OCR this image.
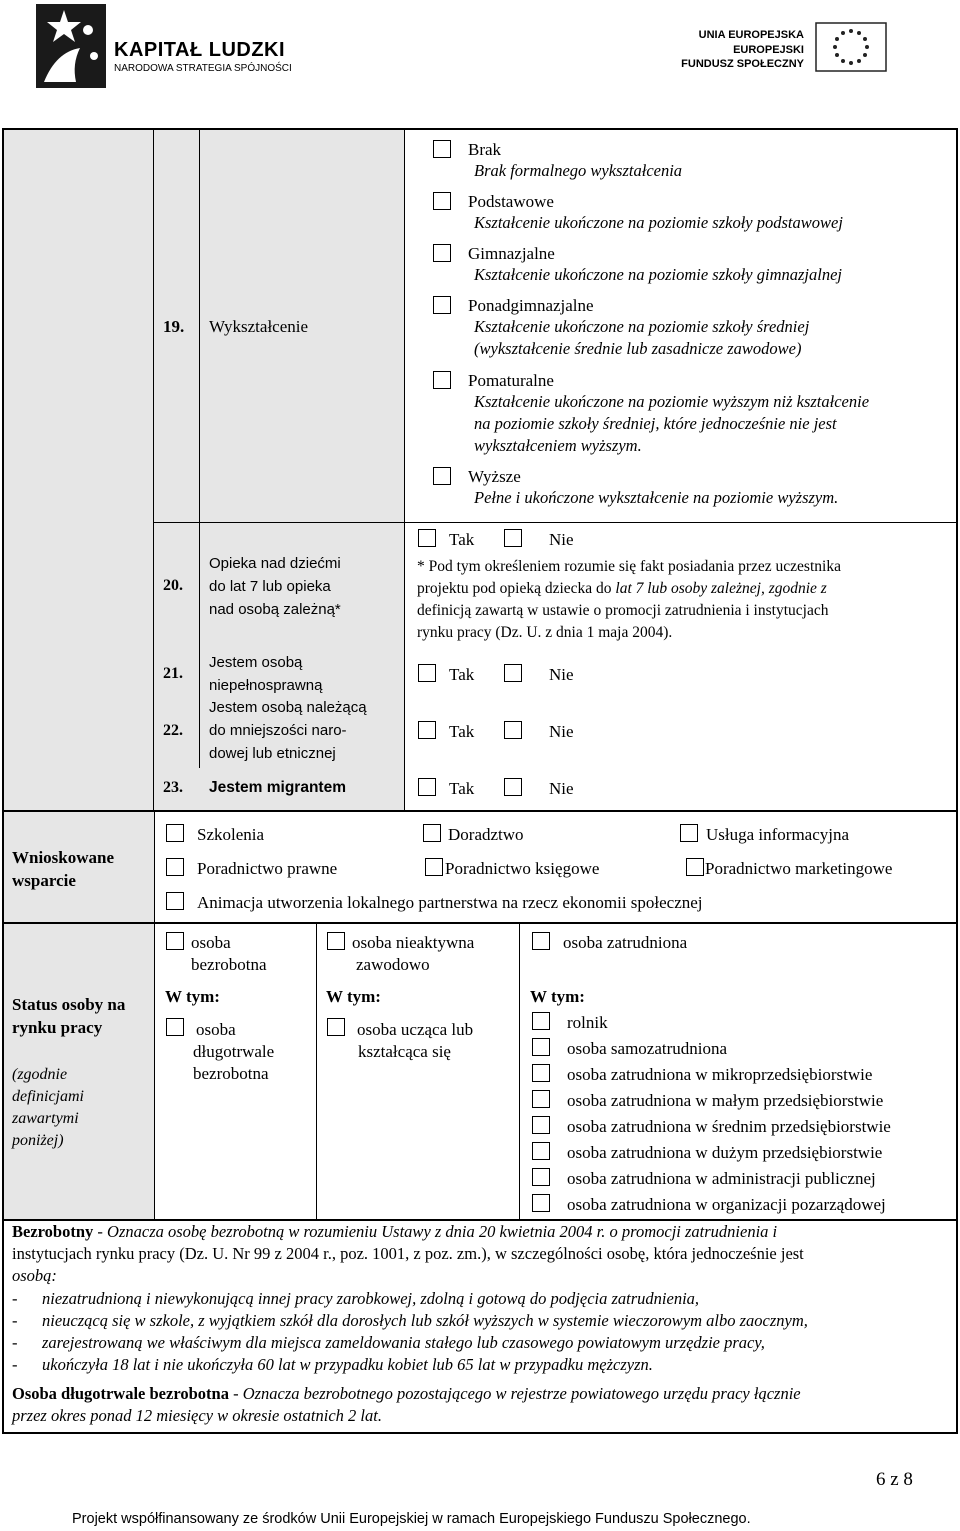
KAPITAŁ LUDZKI
NARODOWA STRATEGIA SPÓJNOŚCI
UNIA EUROPEJSKA
EUROPEJSKI
FUNDUSZ SPOŁECZNY
19. Wykształcenie
Brak
Brak formalnego wykształcenia
Podstawowe
Kształcenie ukończone na poziomie szkoły podstawowej
Gimnazjalne
Kształcenie ukończone na poziomie szkoły gimnazjalnej
Ponadgimnazjalne
Kształcenie ukończone na poziomie szkoły średniej
(wykształcenie średnie lub zasadnicze zawodowe)
Pomaturalne
Kształcenie ukończone na poziomie wyższym niż kształcenie
na poziomie szkoły średniej, które jednocześnie nie jest
wykształceniem wyższym.
Wyższe
Pełne i ukończone wykształcenie na poziomie wyższym.
20.
Opieka nad dziećmi
do lat 7 lub opieka
nad osobą zależną*
Tak	Nie
* Pod tym określeniem rozumie się fakt posiadania przez uczestnika
projektu pod opieką dziecka do lat 7 lub osoby zależnej, zgodnie z
definicją zawartą w ustawie o promocji zatrudnienia i instytucjach
rynku pracy (Dz. U. z dnia 1 maja 2004).
21.
Jestem osobą
niepełnosprawną
Tak	Nie
22.
Jestem osobą należącą
do mniejszości naro-
dowej lub etnicznej
Tak	Nie
23. Jestem migrantem	Tak	Nie
Wnioskowane
wsparcie
Szkolenia	Doradztwo	Usługa informacyjna
Poradnictwo prawne	Poradnictwo księgowe	Poradnictwo marketingowe
Animacja utworzenia lokalnego partnerstwa na rzecz ekonomii społecznej
Status osoby na
rynku pracy
(zgodnie
definicjami
zawartymi
poniżej)
osoba
bezrobotna
W tym:
osoba
długotrwale
bezrobotna
osoba nieaktywna
zawodowo
W tym:
osoba ucząca lub
kształcąca się
osoba zatrudniona
W tym:
rolnik
osoba samozatrudniona
osoba zatrudniona w mikroprzedsiębiorstwie
osoba zatrudniona w małym przedsiębiorstwie
osoba zatrudniona w średnim przedsiębiorstwie
osoba zatrudniona w dużym przedsiębiorstwie
osoba zatrudniona w administracji publicznej
osoba zatrudniona w organizacji pozarządowej
Bezrobotny - Oznacza osobę bezrobotną w rozumieniu Ustawy z dnia 20 kwietnia 2004 r. o promocji zatrudnienia i
instytucjach rynku pracy (Dz. U. Nr 99 z 2004 r., poz. 1001, z poz. zm.), w szczególności osobę, która jednocześnie jest
osobą:
- niezatrudnioną i niewykonującą innej pracy zarobkowej, zdolną i gotową do podjęcia zatrudnienia,
- nieuczącą się w szkole, z wyjątkiem szkół dla dorosłych lub szkół wyższych w systemie wieczorowym albo zaocznym,
- zarejestrowaną we właściwym dla miejsca zameldowania stałego lub czasowego powiatowym urzędzie pracy,
- ukończyła 18 lat i nie ukończyła 60 lat w przypadku kobiet lub 65 lat w przypadku mężczyzn.
Osoba długotrwale bezrobotna - Oznacza bezrobotnego pozostającego w rejestrze powiatowego urzędu pracy łącznie
przez okres ponad 12 miesięcy w okresie ostatnich 2 lat.
6 z 8
Projekt współfinansowany ze środków Unii Europejskiej w ramach Europejskiego Funduszu Społecznego.
